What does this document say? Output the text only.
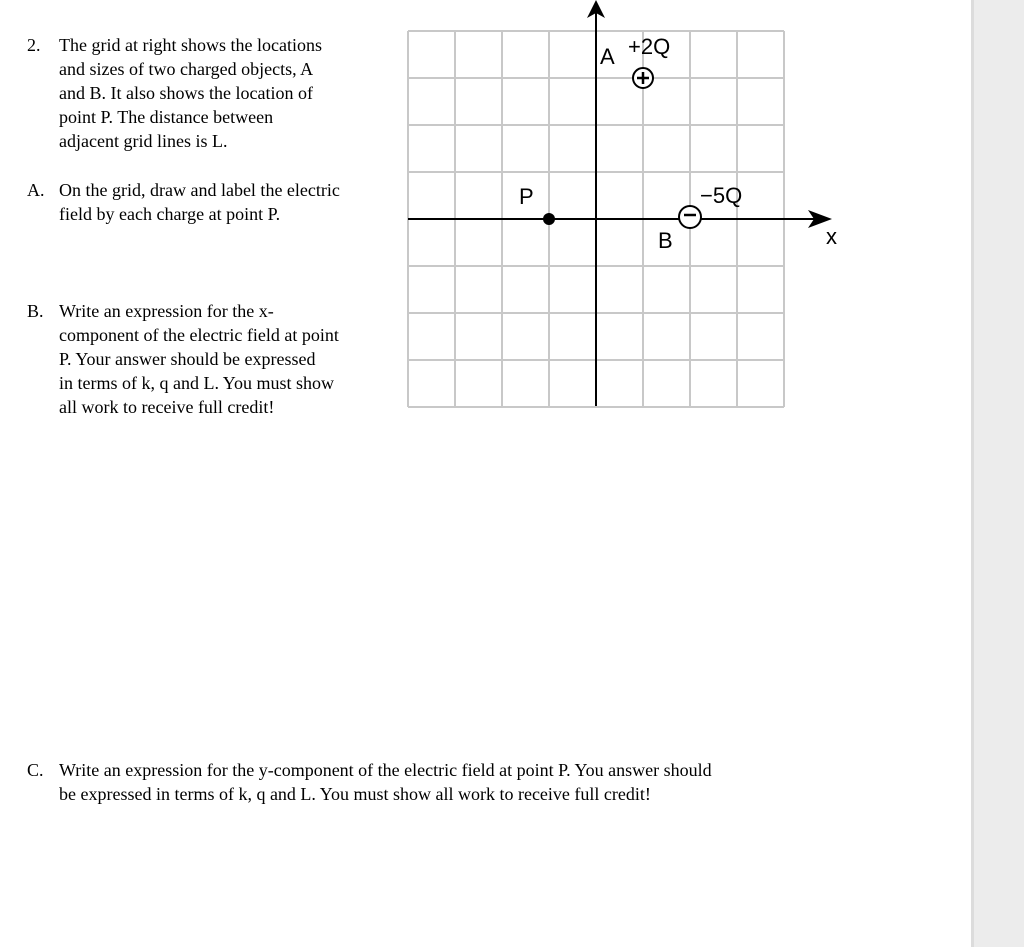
2.	The grid at right shows the locations
and sizes of two charged objects, A
and B. It also shows the location of
point P. The distance between
adjacent grid lines is L.
A. On the grid, draw and label the electric
field by each charge at point P.
B. Write an expression for the x-
component of the electric field at point
P. Your answer should be expressed
in terms of k, q and L. You must show
all work to receive full credit!
C. Write an expression for the y-component of the electric field at point P. You answer should
be expressed in terms of k, q and L. You must show all work to receive full credit!
x
A +2Q
−5Q
B
P
